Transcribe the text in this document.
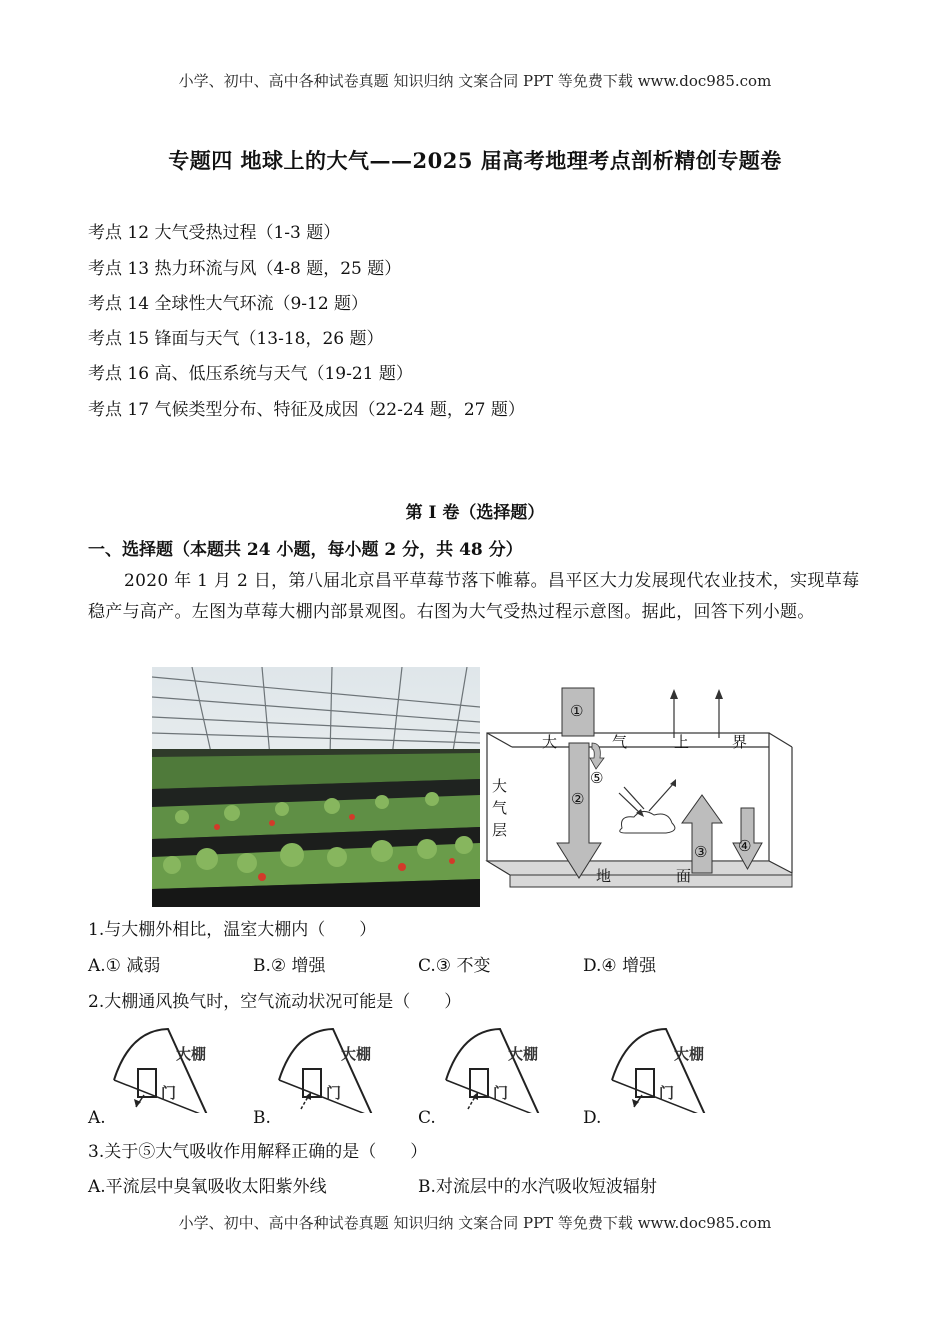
小学、初中、高中各种试卷真题 知识归纳 文案合同 PPT 等免费下载 www.doc985.com
专题四 地球上的大气——2025 届高考地理考点剖析精创专题卷
考点 12 大气受热过程（1-3 题）
考点 13 热力环流与风（4-8 题，25 题）
考点 14 全球性大气环流（9-12 题）
考点 15 锋面与天气（13-18，26 题）
考点 16 高、低压系统与天气（19-21 题）
考点 17 气候类型分布、特征及成因（22-24 题，27 题）
第 I 卷（选择题）
一、选择题（本题共 24 小题，每小题 2 分，共 48 分）
2020 年 1 月 2 日，第八届北京昌平草莓节落下帷幕。昌平区大力发展现代农业技术，实现草莓稳产与高产。左图为草莓大棚内部景观图。右图为大气受热过程示意图。据此，回答下列小题。
①
②
⑤
③ ④
大	气	上	界
大
气
层
地	面
1.与大棚外相比，温室大棚内（　　）
A.① 减弱	B.② 增强	C.③ 不变	D.④ 增强
2.大棚通风换气时，空气流动状况可能是（　　）
大棚
门
大棚
门
大棚
门
大棚
门
A.	B.	C.	D.
3.关于⑤大气吸收作用解释正确的是（　　）
A.平流层中臭氧吸收太阳紫外线	B.对流层中的水汽吸收短波辐射
小学、初中、高中各种试卷真题 知识归纳 文案合同 PPT 等免费下载 www.doc985.com
